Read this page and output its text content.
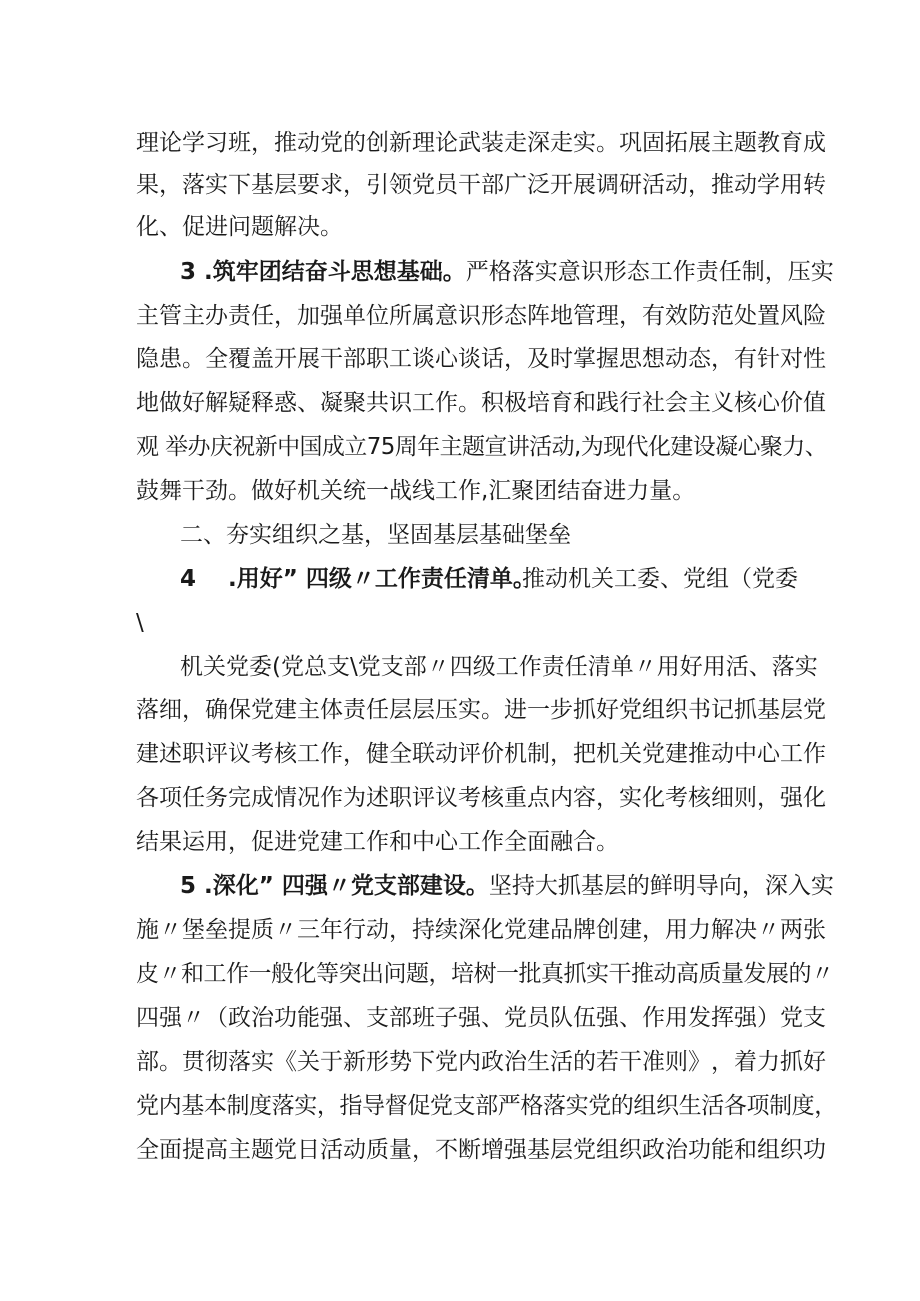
理 论 学 习 班 ， 推 动 党 的 创 新 理 论 武 装 走 深 走 实 。 巩 固 拓 展 主 题 教 育 成
果 ， 落 实 下 基 层 要 求 ， 引 领 党 员 干 部 广 泛 开 展 调 研 活 动 ， 推 动 学 用 转
化、促进问题解决。
3 .筑牢团结奋斗思想基础。 严格落实意识形态工作责任制，压实
主 管 主 办 责 任 ， 加 强 单 位 所 属 意 识 形 态 阵 地 管 理 ， 有 效 防 范 处 置 风 险
隐 患 。 全 覆 盖 开 展 干 部 职 工 谈 心 谈 话 ， 及 时 掌 握 思 想 动 态 ， 有 针 对 性
地 做 好 解 疑 释 惑 、 凝 聚 共 识 工 作 。 积 极 培 育 和 践 行 社 会 主 义 核 心 价 值
观 举办庆祝新中国成立75周年主题宣讲活动,为现代化建设凝心聚力、
鼓舞干劲。做好机关统一战线工作,汇聚团结奋进力量。
二、夯实组织之基，坚固基层基础堡垒
4 .用好” 四级〃工作责任清单。
推动机关工委、党组（党委
\
机 关 党 委 ( 党 总 支 \ 党 支 部 〃 四 级 工 作 责 任 清 单 〃 用 好 用 活 、 落 实
落 细 ， 确 保 党 建 主 体 责 任 层 层 压 实 。 进 一 步 抓 好 党 组 织 书 记 抓 基 层 党
建 述 职 评 议 考 核 工 作 ， 健 全 联 动 评 价 机 制 ， 把 机 关 党 建 推 动 中 心 工 作
各 项 任 务 完 成 情 况 作 为 述 职 评 议 考 核 重 点 内 容 ， 实 化 考 核 细 则 ， 强 化
结果运用，促进党建工作和中心工作全面融合。
5 .深化” 四强〃党支部建设。 坚持大抓基层的鲜明导向，深入实
施 〃 堡 垒 提 质 〃 三 年 行 动 ， 持 续 深 化 党 建 品 牌 创 建 ， 用 力 解 决 〃 两 张
皮 〃 和 工 作 一 般 化 等 突 出 问 题 ， 培 树 一 批 真 抓 实 干 推 动 高 质 量 发 展 的 〃
四 强 〃 （ 政 治 功 能 强 、 支 部 班 子 强 、 党 员 队 伍 强 、 作 用 发 挥 强 ） 党 支
部 。 贯 彻 落 实 《 关 于 新 形 势 下 党 内 政 治 生 活 的 若 干 准 则 》 ， 着 力 抓 好
党 内 基 本 制 度 落 实 ， 指 导 督 促 党 支 部 严 格 落 实 党 的 组 织 生 活 各 项 制 度 ，
全 面 提 高 主 题 党 日 活 动 质 量 ， 不 断 增 强 基 层 党 组 织 政 治 功 能 和 组 织 功
